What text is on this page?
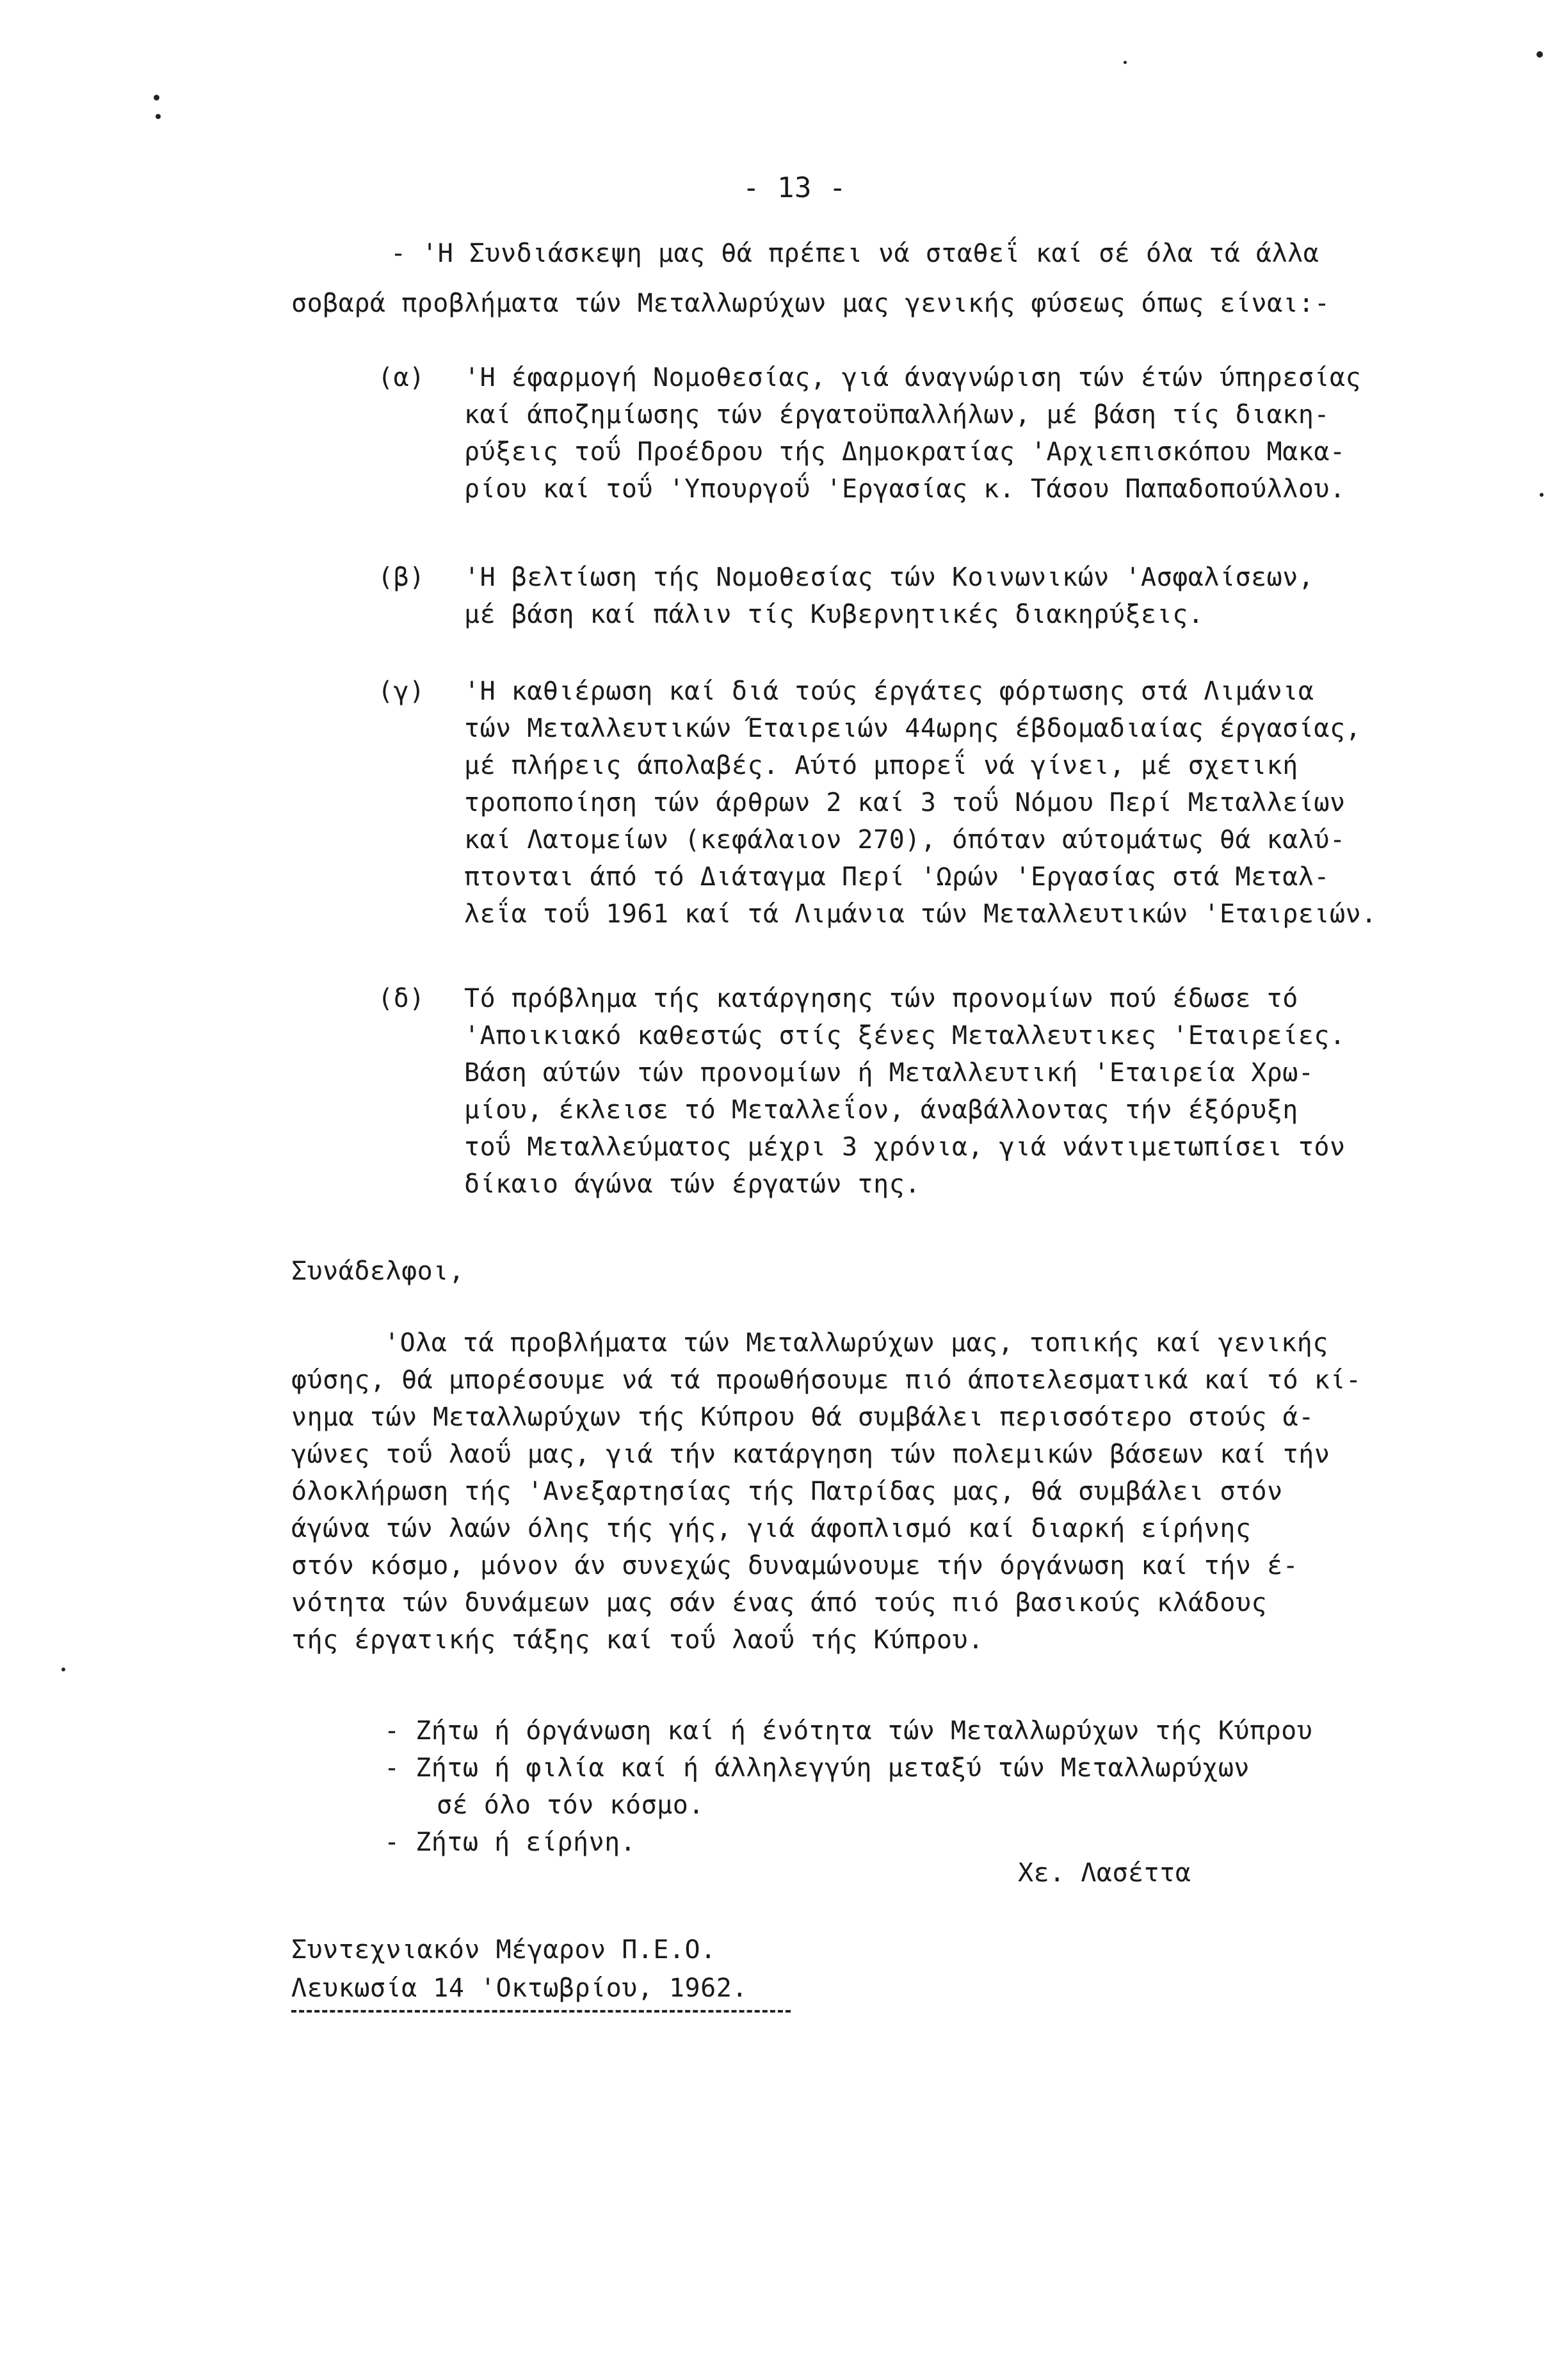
- 13 -
- 'Η Συνδιάσκεψη μας θά πρέπει νά σταθεΐ καί σέ όλα τά άλλα
σοβαρά προβλήματα τών Μεταλλωρύχων μας γενικής φύσεως όπως είναι:-
(α) 'Η έφαρμογή Νομοθεσίας, γιά άναγνώριση τών έτών ύπηρεσίας
καί άποζημίωσης τών έργατοϋπαλλήλων, μέ βάση τίς διακη-
ρύξεις τοΰ Προέδρου τής Δημοκρατίας 'Αρχιεπισκόπου Μακα-
ρίου καί τοΰ 'Υπουργοΰ 'Εργασίας κ. Τάσου Παπαδοπούλλου.
(β) 'Η βελτίωση τής Νομοθεσίας τών Κοινωνικών 'Ασφαλίσεων,
μέ βάση καί πάλιν τίς Κυβερνητικές διακηρύξεις.
(γ) 'Η καθιέρωση καί διά τούς έργάτες φόρτωσης στά Λιμάνια
τών Μεταλλευτικών Έταιρειών 44ωρης έβδομαδιαίας έργασίας,
μέ πλήρεις άπολαβές. Αύτό μπορεΐ νά γίνει, μέ σχετική
τροποποίηση τών άρθρων 2 καί 3 τοΰ Νόμου Περί Μεταλλείων
καί Λατομείων (κεφάλαιον 270), όπόταν αύτομάτως θά καλύ-
πτονται άπό τό Διάταγμα Περί 'Ωρών 'Εργασίας στά Μεταλ-
λεΐα τοΰ 1961 καί τά Λιμάνια τών Μεταλλευτικών 'Εταιρειών.
(δ) Τό πρόβλημα τής κατάργησης τών προνομίων πού έδωσε τό
'Αποικιακό καθεστώς στίς ξένες Μεταλλευτικες 'Εταιρείες.
Βάση αύτών τών προνομίων ή Μεταλλευτική 'Εταιρεία Χρω-
μίου, έκλεισε τό Μεταλλεΐον, άναβάλλοντας τήν έξόρυξη
τοΰ Μεταλλεύματος μέχρι 3 χρόνια, γιά νάντιμετωπίσει τόν
δίκαιο άγώνα τών έργατών της.
Συνάδελφοι,
'Ολα τά προβλήματα τών Μεταλλωρύχων μας, τοπικής καί γενικής
φύσης, θά μπορέσουμε νά τά προωθήσουμε πιό άποτελεσματικά καί τό κί-
νημα τών Μεταλλωρύχων τής Κύπρου θά συμβάλει περισσότερο στούς ά-
γώνες τοΰ λαοΰ μας, γιά τήν κατάργηση τών πολεμικών βάσεων καί τήν
όλοκλήρωση τής 'Ανεξαρτησίας τής Πατρίδας μας, θά συμβάλει στόν
άγώνα τών λαών όλης τής γής, γιά άφοπλισμό καί διαρκή είρήνης
στόν κόσμο, μόνον άν συνεχώς δυναμώνουμε τήν όργάνωση καί τήν έ-
νότητα τών δυνάμεων μας σάν ένας άπό τούς πιό βασικούς κλάδους
τής έργατικής τάξης καί τοΰ λαοΰ τής Κύπρου.
- Ζήτω ή όργάνωση καί ή ένότητα τών Μεταλλωρύχων τής Κύπρου
- Ζήτω ή φιλία καί ή άλληλεγγύη μεταξύ τών Μεταλλωρύχων
σέ όλο τόν κόσμο.
- Ζήτω ή είρήνη.
Χε. Λασέττα
Συντεχνιακόν Μέγαρον Π.Ε.Ο.
Λευκωσία 14 'Οκτωβρίου, 1962.
